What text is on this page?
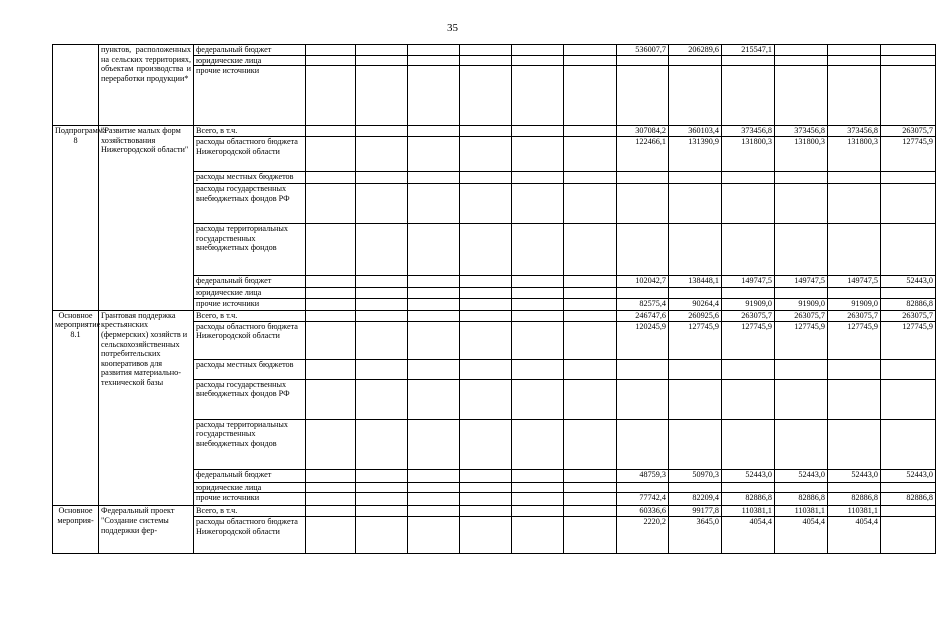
35
	пунктов, расположенных на сельских территориях, объектам производства и переработки продукции*	федеральный бюджет							536007,7	206289,6	215547,1			
		юридические лица												
		прочие источники												
Подпрограмма 8	"Развитие малых форм хозяйствования Нижегородской области"	Всего, в т.ч.							307084,2	360103,4	373456,8	373456,8	373456,8	263075,7
		расходы областного бюджета Нижегородской области							122466,1	131390,9	131800,3	131800,3	131800,3	127745,9
		расходы местных бюджетов												
		расходы государственных внебюджетных фондов РФ												
		расходы территориальных государственных внебюджетных фондов												
		федеральный бюджет							102042,7	138448,1	149747,5	149747,5	149747,5	52443,0
		юридические лица												
		прочие источники							82575,4	90264,4	91909,0	91909,0	91909,0	82886,8
Основное мероприятие 8.1	Грантовая поддержка крестьянских (фермерских) хозяйств и сельскохозяйственных потребительских кооперативов для развития материально-технической базы	Всего, в т.ч.							246747,6	260925,6	263075,7	263075,7	263075,7	263075,7
		расходы областного бюджета Нижегородской области							120245,9	127745,9	127745,9	127745,9	127745,9	127745,9
		расходы местных бюджетов												
		расходы государственных внебюджетных фондов РФ												
		расходы территориальных государственных внебюджетных фондов												
		федеральный бюджет							48759,3	50970,3	52443,0	52443,0	52443,0	52443,0
		юридические лица												
		прочие источники							77742,4	82209,4	82886,8	82886,8	82886,8	82886,8
Основное мероприя-	Федеральный проект "Создание системы поддержки фер-	Всего, в т.ч.							60336,6	99177,8	110381,1	110381,1	110381,1	
		расходы областного бюджета Нижегородской области							2220,2	3645,0	4054,4	4054,4	4054,4	
